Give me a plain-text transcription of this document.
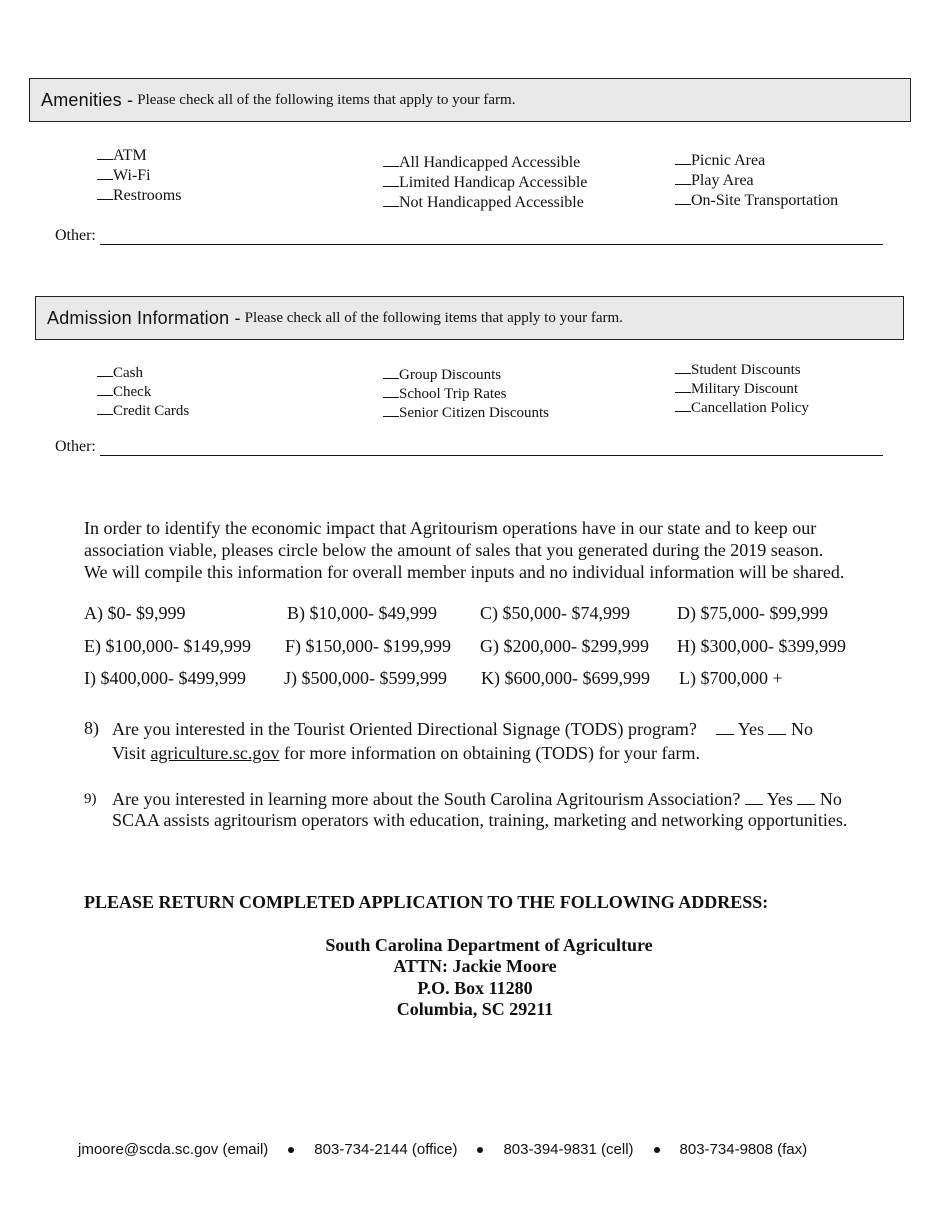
Amenities - Please check all of the following items that apply to your farm.
ATM
Wi-Fi
Restrooms
All Handicapped Accessible
Limited Handicap Accessible
Not Handicapped Accessible
Picnic Area
Play Area
On-Site Transportation
Other:
Admission Information - Please check all of the following items that apply to your farm.
Cash
Check
Credit Cards
Group Discounts
School Trip Rates
Senior Citizen Discounts
Student Discounts
Military Discount
Cancellation Policy
Other:
In order to identify the economic impact that Agritourism operations have in our state and to keep our
association viable, pleases circle below the amount of sales that you generated during the 2019 season.
We will compile this information for overall member inputs and no individual information will be shared.
A) $0- $9,999	B) $10,000- $49,999 C) $50,000- $74,999	D) $75,000- $99,999
E) $100,000- $149,999 F) $150,000- $199,999 G) $200,000- $299,999 H) $300,000- $399,999
I) $400,000- $499,999 J) $500,000- $599,999 K) $600,000- $699,999 L) $700,000 +
8) Are you interested in the Tourist Oriented Directional Signage (TODS) program? Yes No
Visit agriculture.sc.gov for more information on obtaining (TODS) for your farm.
9) Are you interested in learning more about the South Carolina Agritourism Association? Yes No
SCAA assists agritourism operators with education, training, marketing and networking opportunities.
PLEASE RETURN COMPLETED APPLICATION TO THE FOLLOWING ADDRESS:
South Carolina Department of Agriculture
ATTN: Jackie Moore
P.O. Box 11280
Columbia, SC 29211
jmoore@scda.sc.gov (email)	803-734-2144 (office)	803-394-9831 (cell)	803-734-9808 (fax)
